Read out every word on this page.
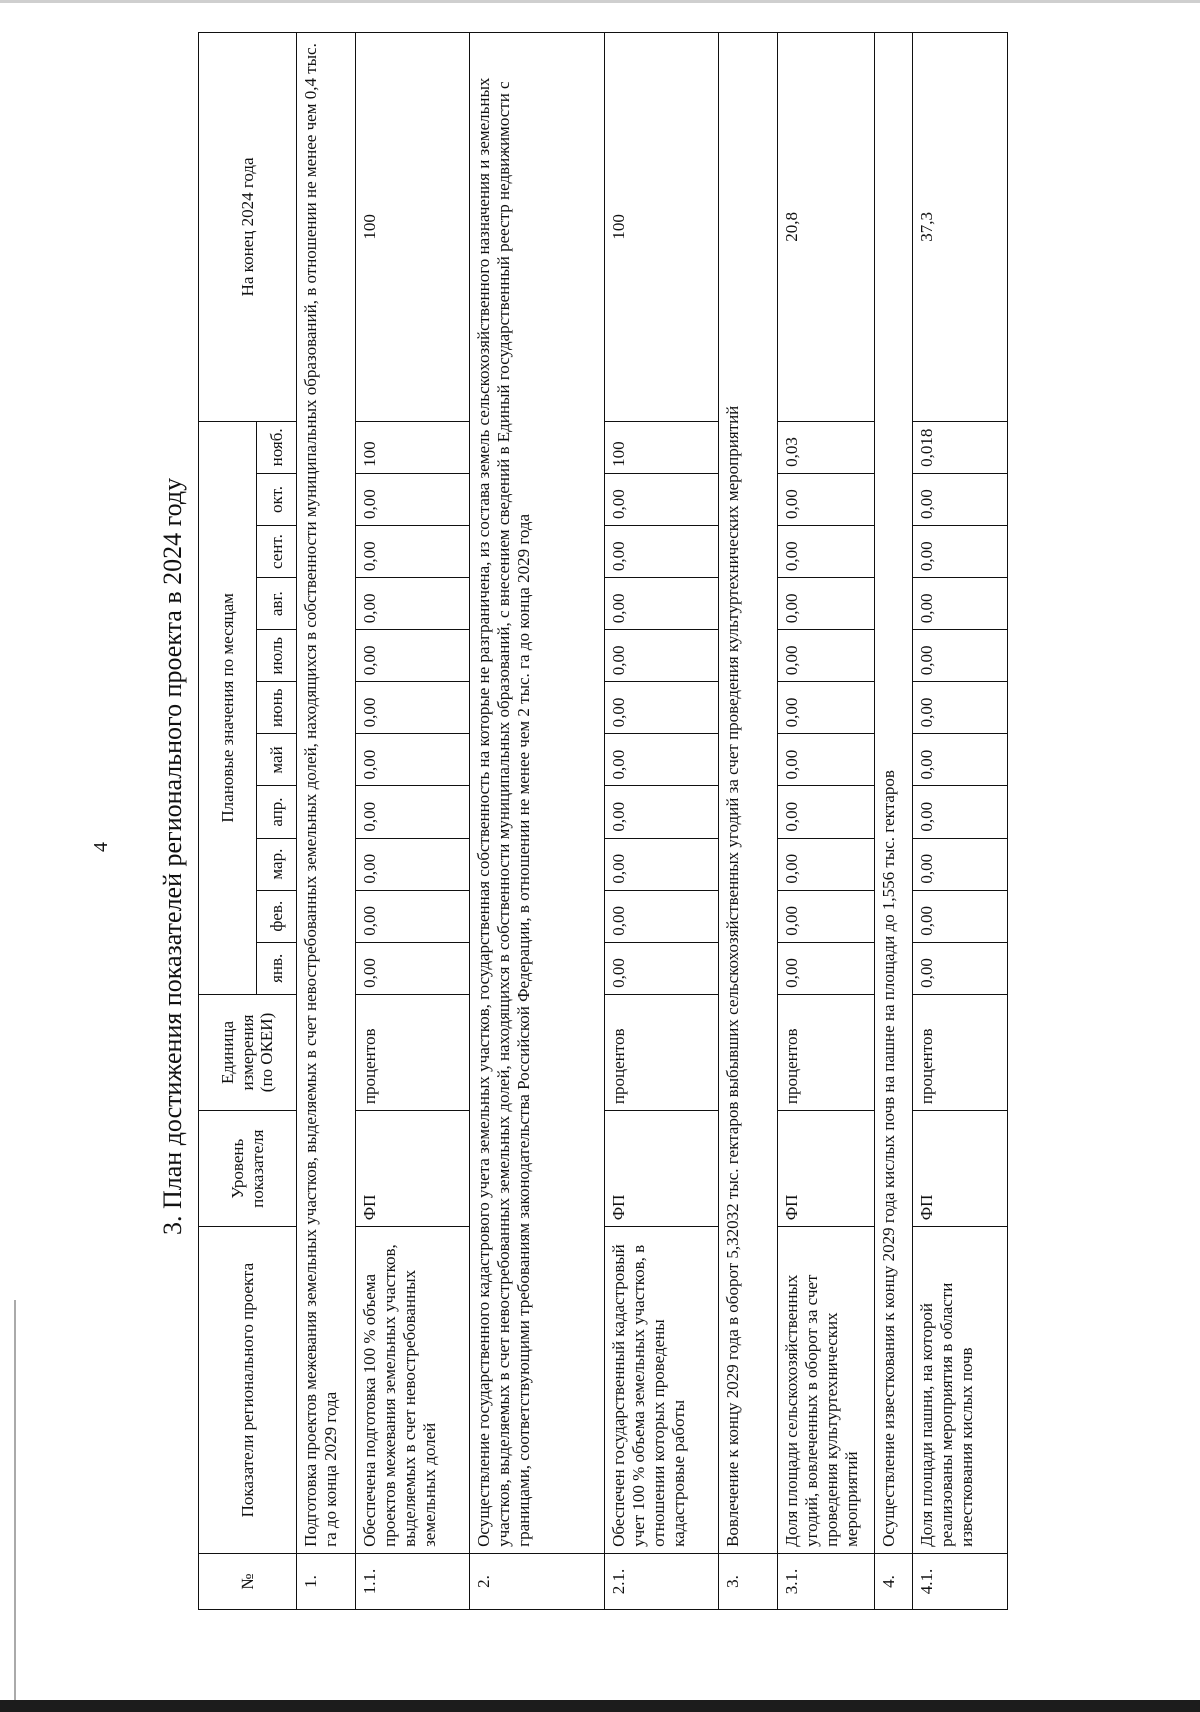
4 3. План достижения показателей регионального проекта в 2024 году
№	Показатели регионального проекта	Уровень показателя	Единица измерения (по ОКЕИ)	Плановые значения по месяцам											На конец 2024 года
				янв.	фев.	мар.	апр.	май	июнь	июль	авг.	сент.	окт.	нояб.	
1.	Подготовка проектов межевания земельных участков, выделяемых в счет невостребованных земельных долей, находящихся в собственности муниципальных образований, в отношении не менее чем 0,4 тыс. га до конца 2029 года														
1.1.	Обеспечена подготовка 100 % объема проектов межевания земельных участков, выделяемых в счет невостребованных земельных долей	ФП	процентов	0,00	0,00	0,00	0,00	0,00	0,00	0,00	0,00	0,00	0,00	100	100
2.	Осуществление государственного кадастрового учета земельных участков, государственная собственность на которые не разграничена, из состава земель сельскохозяйственного назначения и земельных участков, выделяемых в счет невостребованных земельных долей, находящихся в собственности муниципальных образований, с внесением сведений в Единый государственный реестр недвижимости с границами, соответствующими требованиям законодательства Российской Федерации, в отношении не менее чем 2 тыс. га до конца 2029 года														
2.1.	Обеспечен государственный кадастровый учет 100 % объема земельных участков, в отношении которых проведены кадастровые работы	ФП	процентов	0,00	0,00	0,00	0,00	0,00	0,00	0,00	0,00	0,00	0,00	100	100
3.	Вовлечение к концу 2029 года в оборот 5,32032 тыс. гектаров выбывших сельскохозяйственных угодий за счет проведения культуртехнических мероприятий														
3.1.	Доля площади сельскохозяйственных угодий, вовлеченных в оборот за счет проведения культуртехнических мероприятий	ФП	процентов	0,00	0,00	0,00	0,00	0,00	0,00	0,00	0,00	0,00	0,00	0,03	20,8
4.	Осуществление известкования к концу 2029 года кислых почв на пашне на площади до 1,556 тыс. гектаров														
4.1.	Доля площади пашни, на которой реализованы мероприятия в области известкования кислых почв	ФП	процентов	0,00	0,00	0,00	0,00	0,00	0,00	0,00	0,00	0,00	0,00	0,018	37,3
